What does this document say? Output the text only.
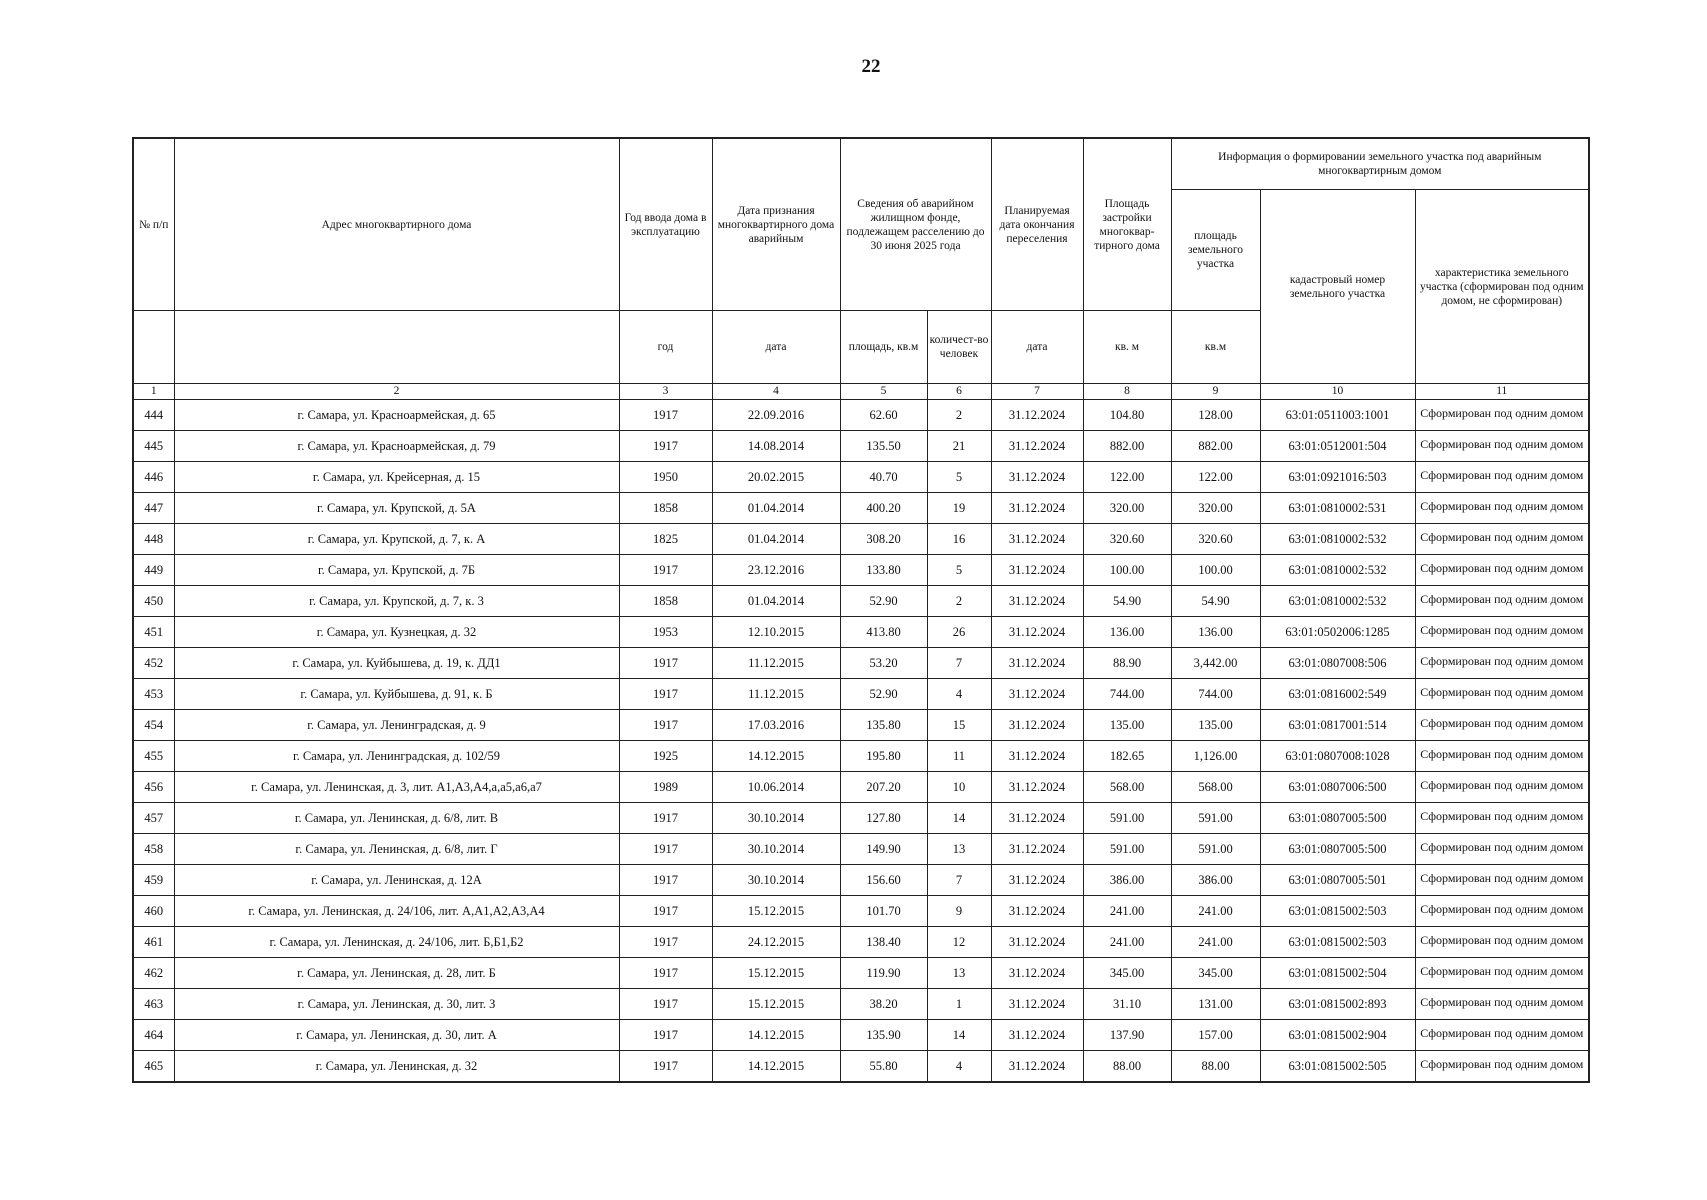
22
№ п/п	Адрес многоквартирного дома	Год ввода дома в эксплуатацию	Дата признания многоквартирного дома аварийным	Сведения об аварийном жилищном фонде, подлежащем расселению до 30 июня 2025 года		Планируемая дата окончания переселения	Площадь застройки многоквар-тирного дома	Информация о формировании земельного участка под аварийным многоквартирным домом		
								площадь земельного участка	кадастровый номер земельного участка	характеристика земельного участка (сформирован под одним домом, не сформирован)
		год	дата	площадь, кв.м	количест-во человек	дата	кв. м	кв.м		
1	2	3	4	5	6	7	8	9	10	11
444	г. Самара, ул. Красноармейская, д. 65	1917	22.09.2016	62.60	2	31.12.2024	104.80	128.00	63:01:0511003:1001	Сформирован под одним домом
445	г. Самара, ул. Красноармейская, д. 79	1917	14.08.2014	135.50	21	31.12.2024	882.00	882.00	63:01:0512001:504	Сформирован под одним домом
446	г. Самара, ул. Крейсерная, д. 15	1950	20.02.2015	40.70	5	31.12.2024	122.00	122.00	63:01:0921016:503	Сформирован под одним домом
447	г. Самара, ул. Крупской, д. 5А	1858	01.04.2014	400.20	19	31.12.2024	320.00	320.00	63:01:0810002:531	Сформирован под одним домом
448	г. Самара, ул. Крупской, д. 7, к. А	1825	01.04.2014	308.20	16	31.12.2024	320.60	320.60	63:01:0810002:532	Сформирован под одним домом
449	г. Самара, ул. Крупской, д. 7Б	1917	23.12.2016	133.80	5	31.12.2024	100.00	100.00	63:01:0810002:532	Сформирован под одним домом
450	г. Самара, ул. Крупской, д. 7, к. 3	1858	01.04.2014	52.90	2	31.12.2024	54.90	54.90	63:01:0810002:532	Сформирован под одним домом
451	г. Самара, ул. Кузнецкая, д. 32	1953	12.10.2015	413.80	26	31.12.2024	136.00	136.00	63:01:0502006:1285	Сформирован под одним домом
452	г. Самара, ул. Куйбышева, д. 19, к. ДД1	1917	11.12.2015	53.20	7	31.12.2024	88.90	3,442.00	63:01:0807008:506	Сформирован под одним домом
453	г. Самара, ул. Куйбышева, д. 91, к. Б	1917	11.12.2015	52.90	4	31.12.2024	744.00	744.00	63:01:0816002:549	Сформирован под одним домом
454	г. Самара, ул. Ленинградская, д. 9	1917	17.03.2016	135.80	15	31.12.2024	135.00	135.00	63:01:0817001:514	Сформирован под одним домом
455	г. Самара, ул. Ленинградская, д. 102/59	1925	14.12.2015	195.80	11	31.12.2024	182.65	1,126.00	63:01:0807008:1028	Сформирован под одним домом
456	г. Самара, ул. Ленинская, д. 3, лит. А1,А3,А4,а,а5,а6,а7	1989	10.06.2014	207.20	10	31.12.2024	568.00	568.00	63:01:0807006:500	Сформирован под одним домом
457	г. Самара, ул. Ленинская, д. 6/8, лит. В	1917	30.10.2014	127.80	14	31.12.2024	591.00	591.00	63:01:0807005:500	Сформирован под одним домом
458	г. Самара, ул. Ленинская, д. 6/8, лит. Г	1917	30.10.2014	149.90	13	31.12.2024	591.00	591.00	63:01:0807005:500	Сформирован под одним домом
459	г. Самара, ул. Ленинская, д. 12А	1917	30.10.2014	156.60	7	31.12.2024	386.00	386.00	63:01:0807005:501	Сформирован под одним домом
460	г. Самара, ул. Ленинская, д. 24/106, лит. А,А1,А2,А3,А4	1917	15.12.2015	101.70	9	31.12.2024	241.00	241.00	63:01:0815002:503	Сформирован под одним домом
461	г. Самара, ул. Ленинская, д. 24/106, лит. Б,Б1,Б2	1917	24.12.2015	138.40	12	31.12.2024	241.00	241.00	63:01:0815002:503	Сформирован под одним домом
462	г. Самара, ул. Ленинская, д. 28, лит. Б	1917	15.12.2015	119.90	13	31.12.2024	345.00	345.00	63:01:0815002:504	Сформирован под одним домом
463	г. Самара, ул. Ленинская, д. 30, лит. З	1917	15.12.2015	38.20	1	31.12.2024	31.10	131.00	63:01:0815002:893	Сформирован под одним домом
464	г. Самара, ул. Ленинская, д. 30, лит. А	1917	14.12.2015	135.90	14	31.12.2024	137.90	157.00	63:01:0815002:904	Сформирован под одним домом
465	г. Самара, ул. Ленинская, д. 32	1917	14.12.2015	55.80	4	31.12.2024	88.00	88.00	63:01:0815002:505	Сформирован под одним домом
